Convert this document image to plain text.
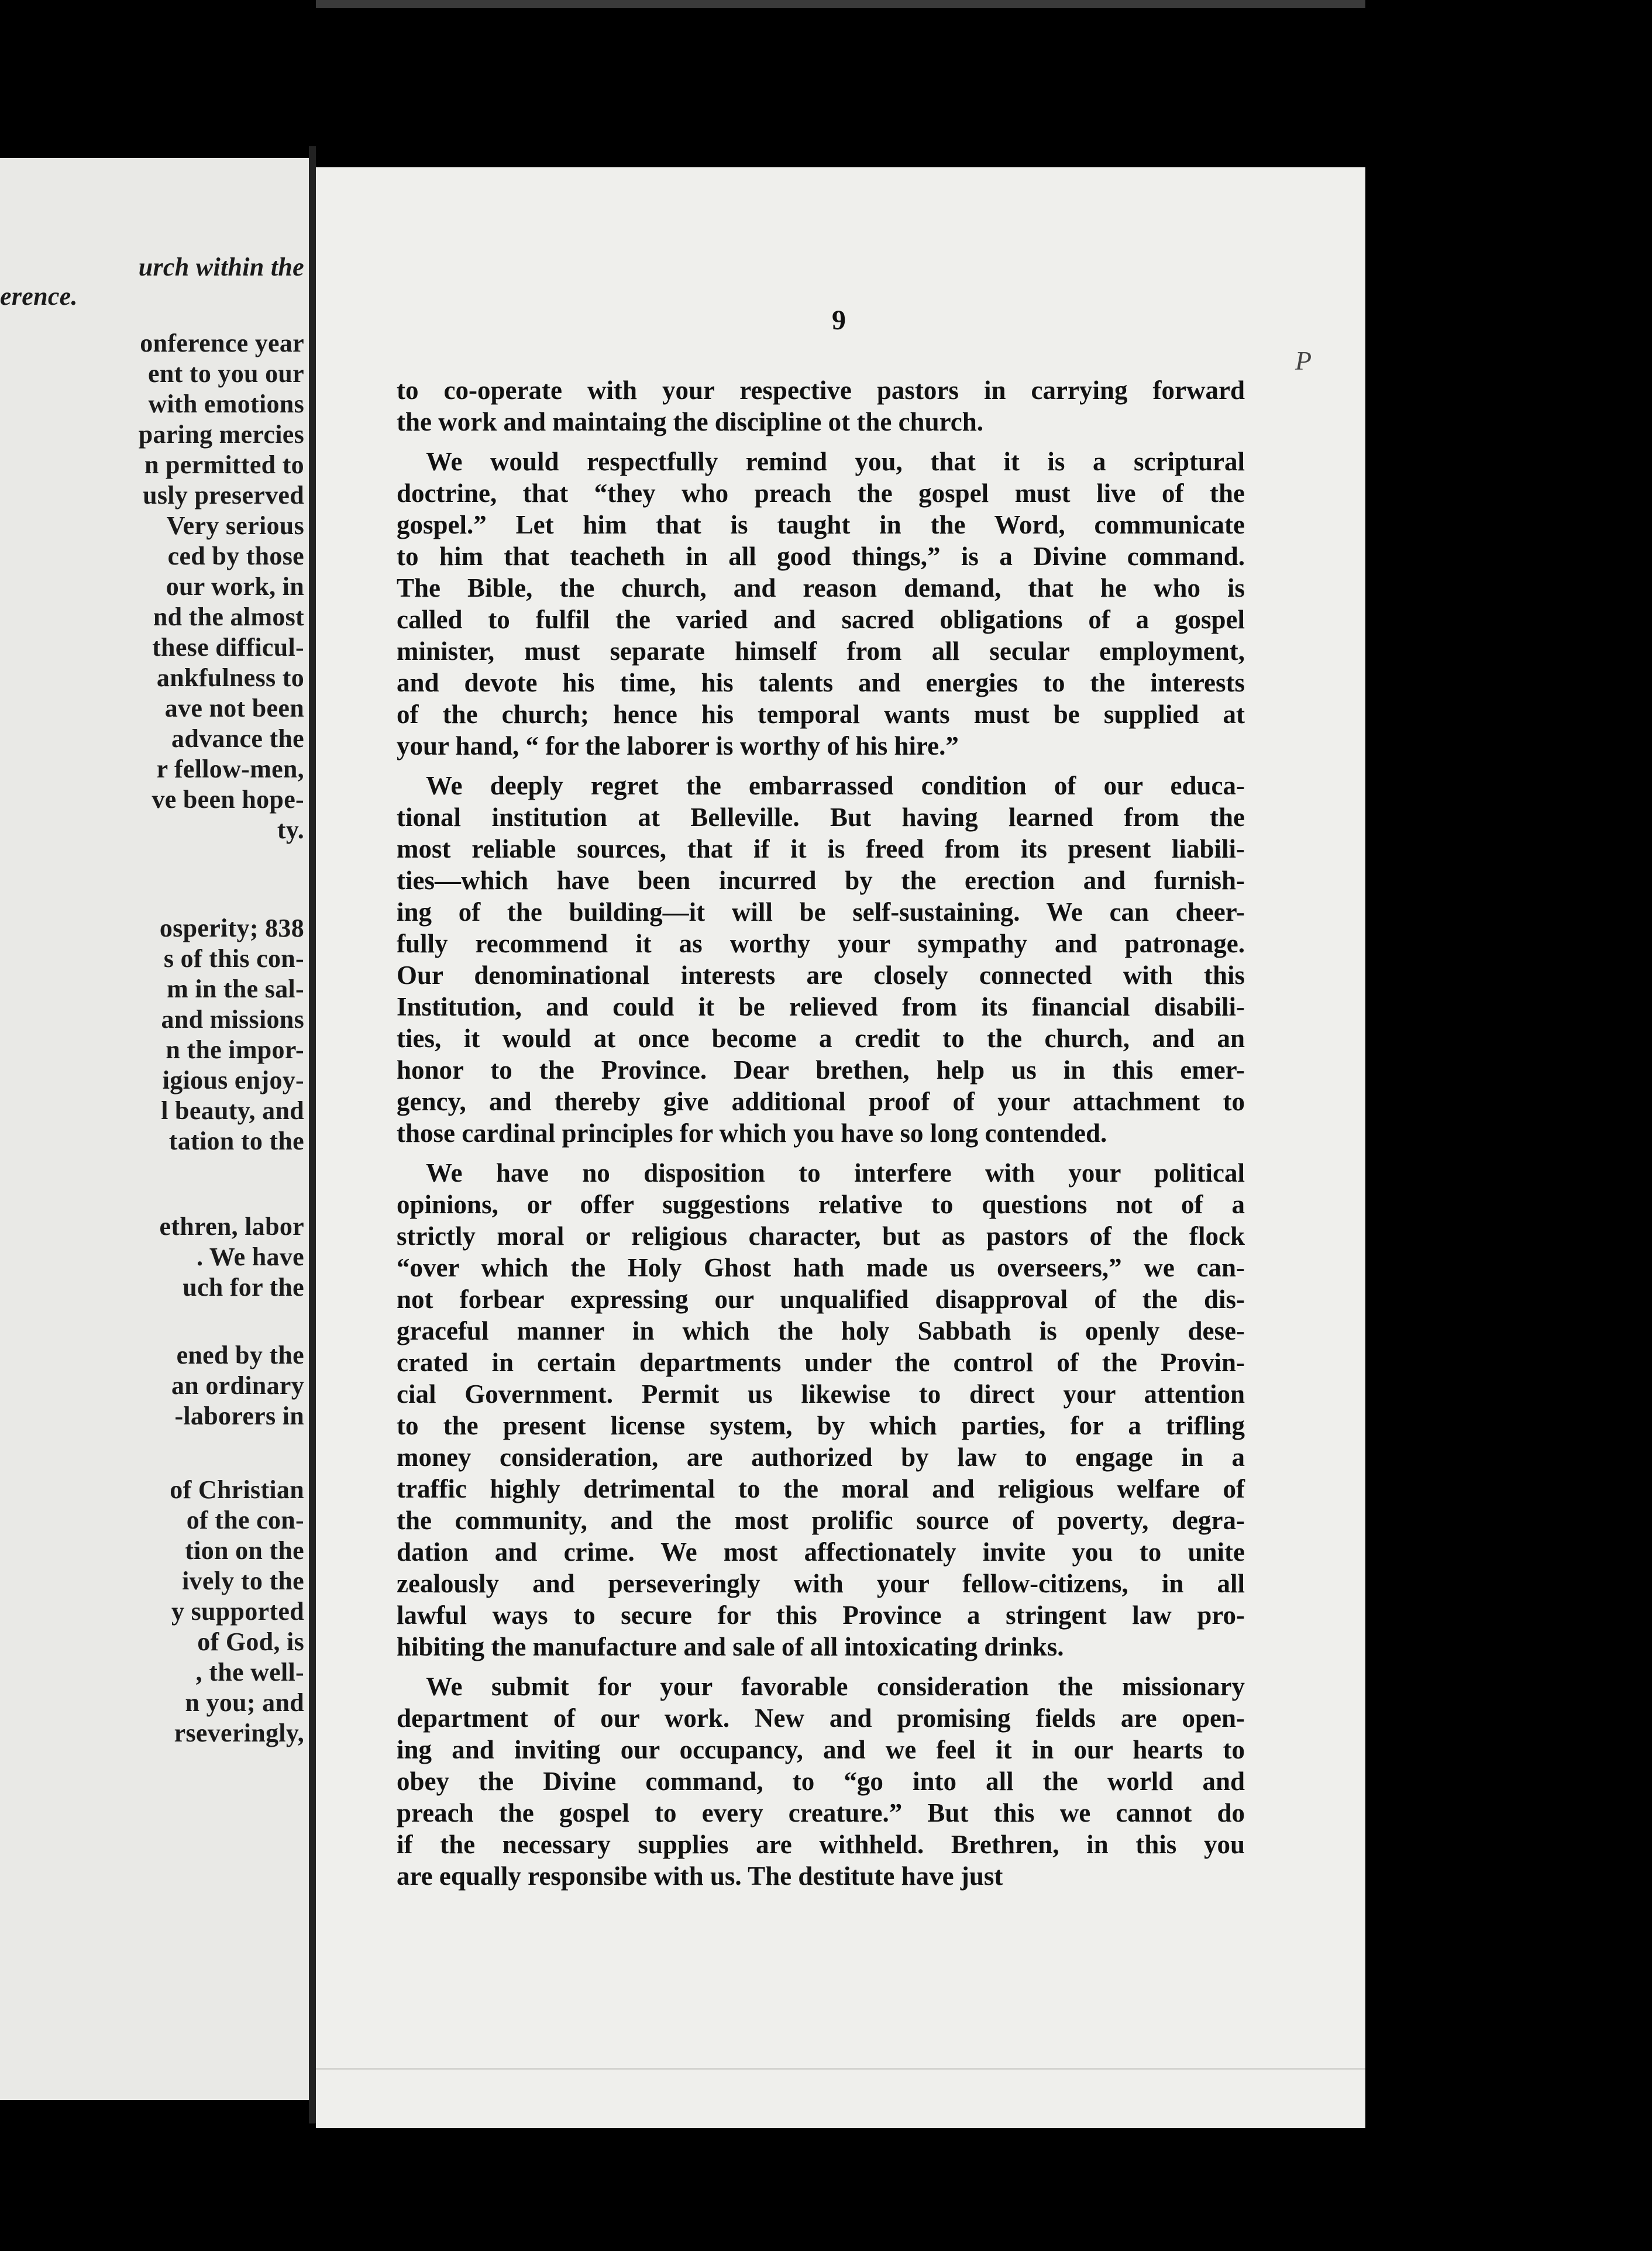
urch within the
erence.
onference year
ent to you our
with emotions
paring mercies
n permitted to
usly preserved
Very serious
ced by those
our work, in
nd the almost
these difficul-
ankfulness to
ave not been
advance the
r fellow-men,
ve been hope-
ty.
osperity; 838
s of this con-
m in the sal-
and missions
n the impor-
igious enjoy-
l beauty, and
tation to the
ethren, labor
. We have
uch for the
ened by the
an ordinary
-laborers in
of Christian
of the con-
tion on the
ively to the
y supported
of God, is
, the well-
n you; and
rseveringly,
9
P
to co-operate with your respective pastors in carrying forward
the work and maintaing the discipline ot the church.
We would respectfully remind you, that it is a scriptural
doctrine, that “they who preach the gospel must live of the
gospel.” Let him that is taught in the Word, communicate
to him that teacheth in all good things,” is a Divine command.
The Bible, the church, and reason demand, that he who is
called to fulfil the varied and sacred obligations of a gospel
minister, must separate himself from all secular employment,
and devote his time, his talents and energies to the interests
of the church; hence his temporal wants must be supplied at
your hand, “ for the laborer is worthy of his hire.”
We deeply regret the embarrassed condition of our educa-
tional institution at Belleville. But having learned from the
most reliable sources, that if it is freed from its present liabili-
ties—which have been incurred by the erection and furnish-
ing of the building—it will be self-sustaining. We can cheer-
fully recommend it as worthy your sympathy and patronage.
Our denominational interests are closely connected with this
Institution, and could it be relieved from its financial disabili-
ties, it would at once become a credit to the church, and an
honor to the Province. Dear brethen, help us in this emer-
gency, and thereby give additional proof of your attachment to
those cardinal principles for which you have so long contended.
We have no disposition to interfere with your political
opinions, or offer suggestions relative to questions not of a
strictly moral or religious character, but as pastors of the flock
“over which the Holy Ghost hath made us overseers,” we can-
not forbear expressing our unqualified disapproval of the dis-
graceful manner in which the holy Sabbath is openly dese-
crated in certain departments under the control of the Provin-
cial Government. Permit us likewise to direct your attention
to the present license system, by which parties, for a trifling
money consideration, are authorized by law to engage in a
traffic highly detrimental to the moral and religious welfare of
the community, and the most prolific source of poverty, degra-
dation and crime. We most affectionately invite you to unite
zealously and perseveringly with your fellow-citizens, in all
lawful ways to secure for this Province a stringent law pro-
hibiting the manufacture and sale of all intoxicating drinks.
We submit for your favorable consideration the missionary
department of our work. New and promising fields are open-
ing and inviting our occupancy, and we feel it in our hearts to
obey the Divine command, to “go into all the world and
preach the gospel to every creature.” But this we cannot do
if the necessary supplies are withheld. Brethren, in this you
are equally responsibe with us. The destitute have just
